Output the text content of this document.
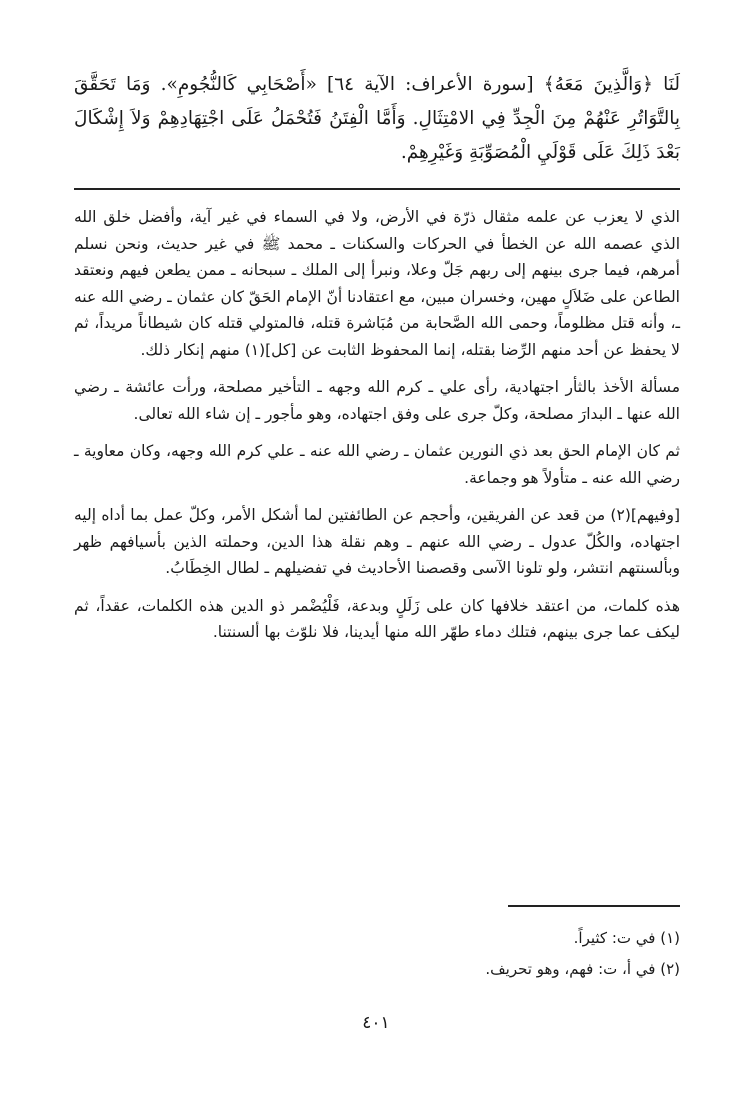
لَنَا ﴿وَالَّذِينَ مَعَهُ﴾ [سورة الأعراف: الآية ٦٤] «أَصْحَابِي كَالنُّجُومِ». وَمَا تَحَقَّقَ بِالتَّوَاتُرِ عَنْهُمْ مِنَ الْجِدِّ فِي الامْتِثَالِ. وَأَمَّا الْفِتَنُ فَتُحْمَلُ عَلَى اجْتِهَادِهِمْ وَلاَ إِشْكَالَ بَعْدَ ذَلِكَ عَلَى قَوْلَيِ الْمُصَوِّبَةِ وَغَيْرِهِمْ.

الذي لا يعزب عن علمه مثقال ذرّة في الأرض، ولا في السماء في غير آية، وأفضل خلق الله الذي عصمه الله عن الخطأ في الحركات والسكنات ـ محمد ﷺ في غير حديث، ونحن نسلم أمرهم، فيما جرى بينهم إلى ربهم جَلّ وعلا، ونبرأ إلى الملك ـ سبحانه ـ ممن يطعن فيهم ونعتقد الطاعن على ضَلاَلٍ مهين، وخسران مبين، مع اعتقادنا أنّ الإمام الحَقّ كان عثمان ـ رضي الله عنه ـ، وأنه قتل مظلوماً، وحمى الله الصَّحابة من مُبَاشرة قتله، فالمتولي قتله كان شيطاناً مريداً، ثم لا يحفظ عن أحد منهم الرِّضا بقتله، إنما المحفوظ الثابت عن [كل](١) منهم إنكار ذلك.

مسألة الأخذ بالثأر اجتهادية، رأى علي ـ كرم الله وجهه ـ التأخير مصلحة، ورأت عائشة ـ رضي الله عنها ـ البدارَ مصلحة، وكلّ جرى على وفق اجتهاده، وهو مأجور ـ إن شاء الله تعالى.

ثم كان الإمام الحق بعد ذي النورين عثمان ـ رضي الله عنه ـ علي كرم الله وجهه، وكان معاوية ـ رضي الله عنه ـ متأولاً هو وجماعة.

[وفيهم](٢) من قعد عن الفريقين، وأحجم عن الطائفتين لما أشكل الأمر، وكلّ عمل بما أداه إليه اجتهاده، والكُلّ عدول ـ رضي الله عنهم ـ وهم نقلة هذا الدين، وحملته الذين بأسيافهم ظهر وبألسنتهم انتشر، ولو تلونا الآسى وقصصنا الأحاديث في تفضيلهم ـ لطال الخِطَابُ.

هذه كلمات، من اعتقد خلافها كان على زَلَلٍ وبدعة، فَلْيُضْمر ذو الدين هذه الكلمات، عقداً، ثم ليكف عما جرى بينهم، فتلك دماء طهّر الله منها أيدينا، فلا نلوّث بها ألسنتنا.

(١) في ت: كثيراً.
(٢) في أ، ت: فهم، وهو تحريف.
٤٠١
